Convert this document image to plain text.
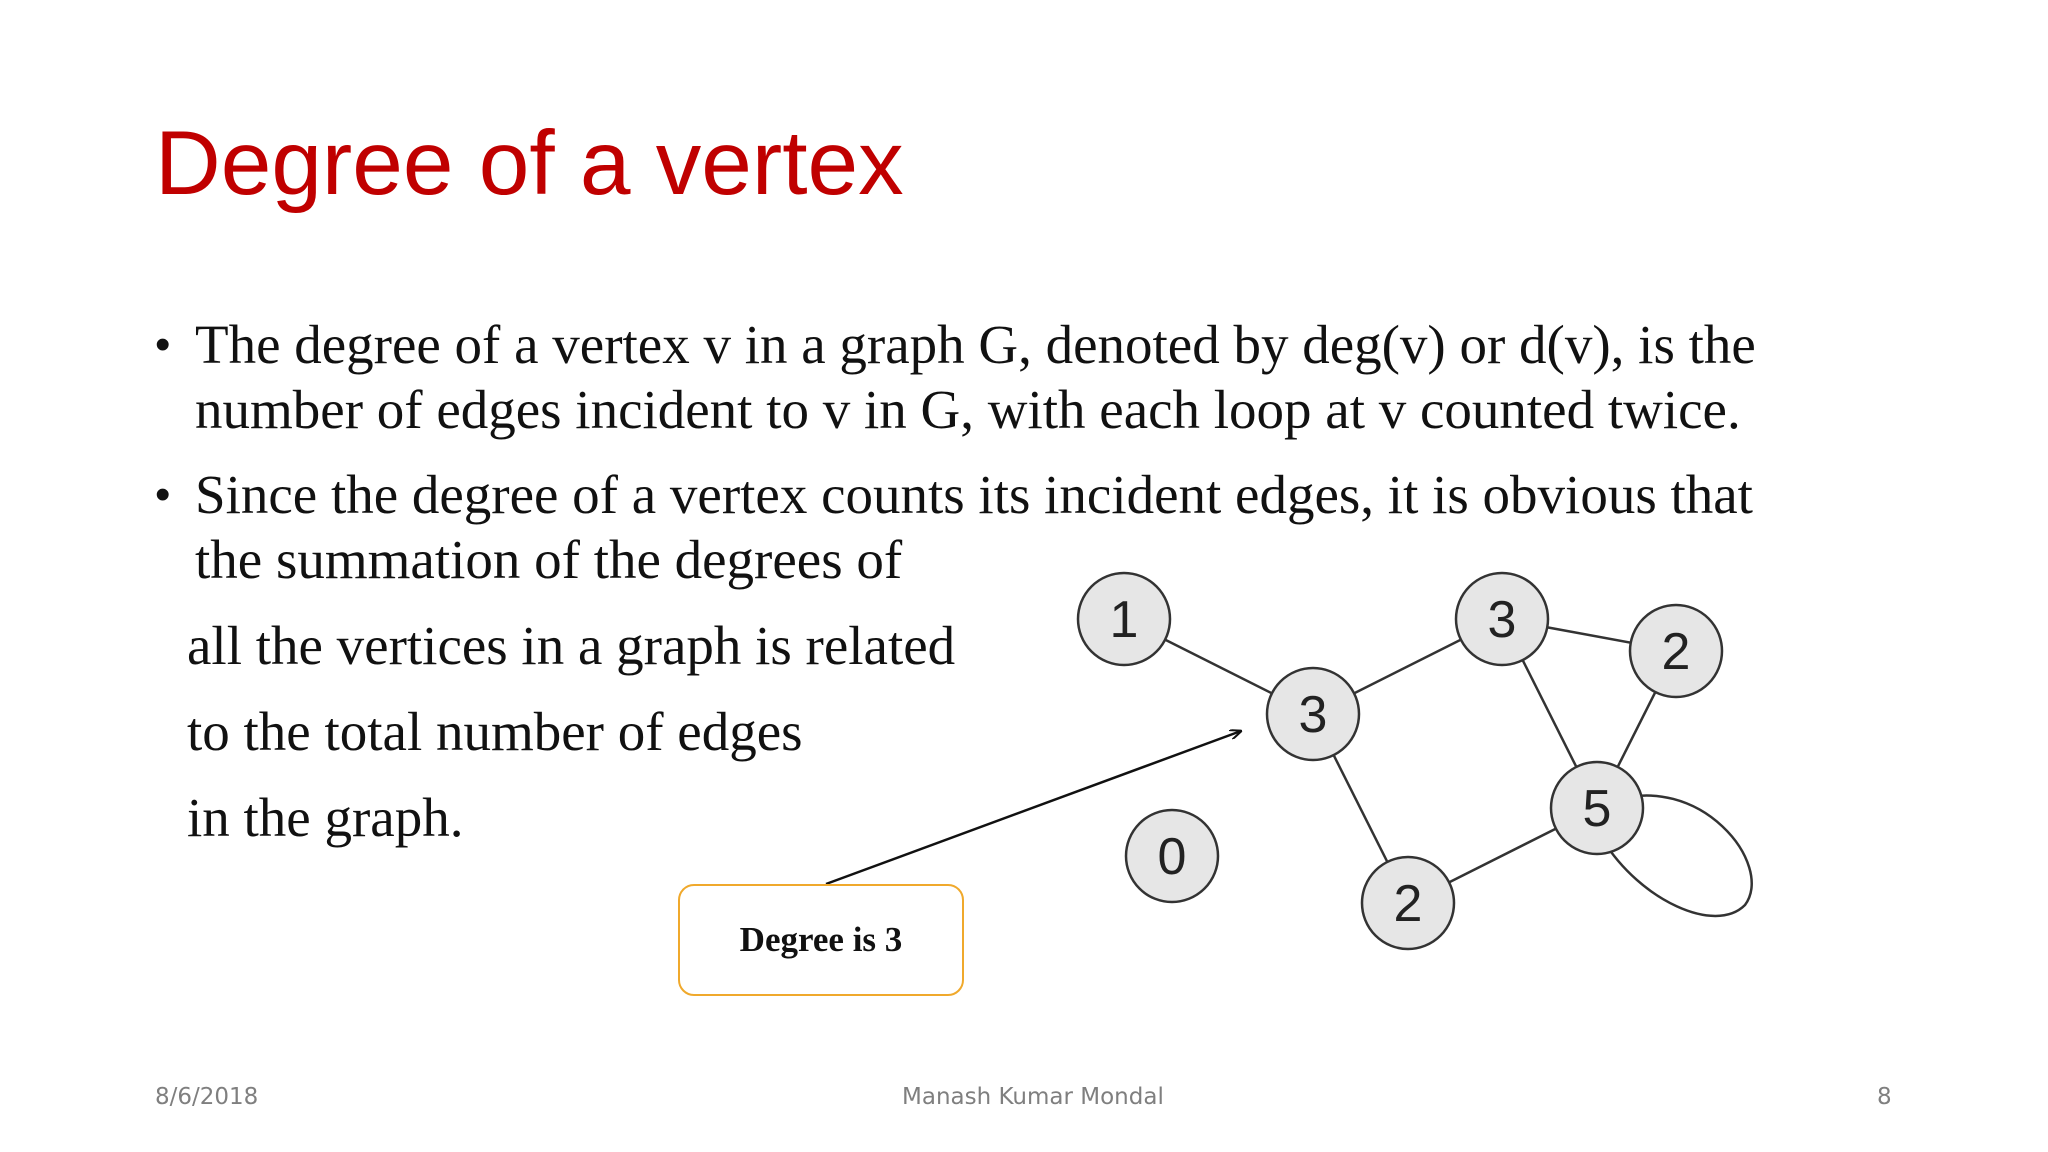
Degree of a vertex
• The degree of a vertex v in a graph G, denoted by deg(v) or d(v), is the
number of edges incident to v in G, with each loop at v counted twice.
• Since the degree of a vertex counts its incident edges, it is obvious that
the summation of the degrees of
all the vertices in a graph is related
to the total number of edges
in the graph.
1
3
3
2
5
0
2
Degree is 3
8/6/2018	Manash Kumar Mondal	8
